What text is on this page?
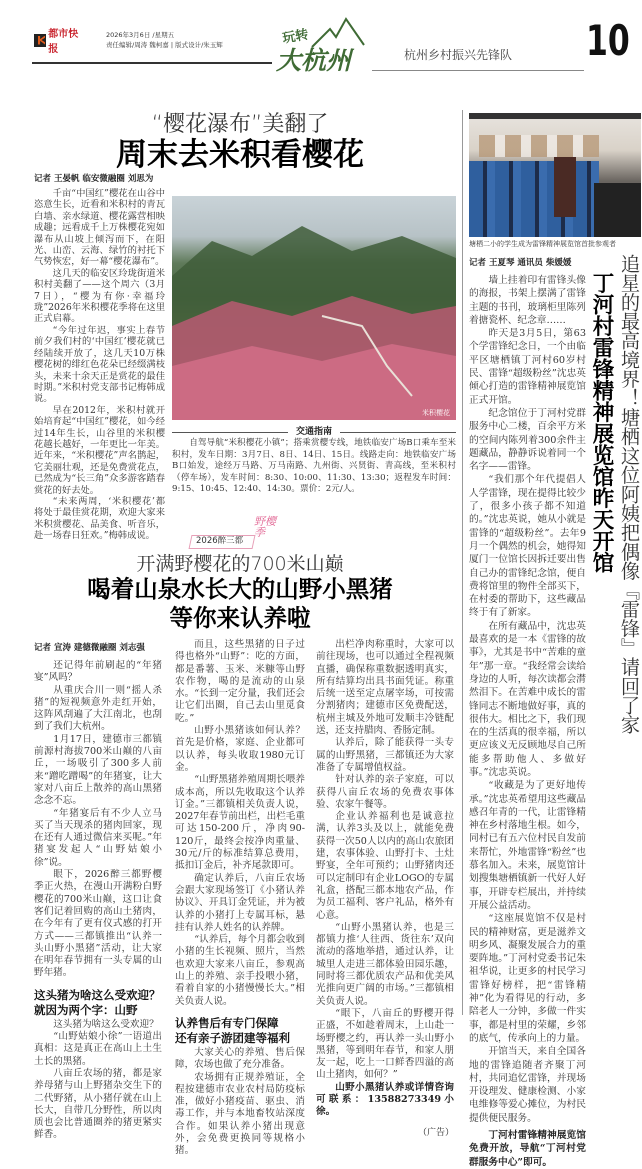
都市快报
2026年3月6日 /星期五
责任编辑/周涛 魏柯嘉 | 版式设计/朱玉辉	玩转
大杭州	杭州乡村振兴先锋队 10
“樱花瀑布”美翻了
周末去米积看樱花
记者 王晏帆 临安微融圈 刘思为

千亩“中国红”樱花在山谷中恣意生长，近看和米积村的青瓦白墙、亲水绿道、樱花露营相映成趣；远看成千上万株樱花宛如瀑布从山坡上倾泻而下，在阳光、山峦、云海、绿竹的衬托下气势恢宏，好一幕“樱花瀑布”。

这几天的临安区玲珑街道米积村美翻了——这个周六（3月7日），“樱为有你·幸福玲珑”2026年米积樱花季将在这里正式启幕。

“今年过年迟，事实上春节前夕我们村的‘中国红’樱花就已经陆续开放了，这几天10万株樱花树的绯红色花朵已经缀满枝头，未来十余天正是赏花的最佳时期。”米积村党支部书记梅韩成说。

早在2012年，米积村就开始培育起“中国红”樱花，如今经过14年生长，山谷里的米积樱花越长越好，一年更比一年美。近年来，“米积樱花”声名鹊起，它美丽壮观，还是免费赏花点，已然成为“长三角”众多游客踏春赏花的好去处。

“未来两周，‘米积樱花’都将处于最佳赏花期，欢迎大家来米积赏樱花、品美食、听音乐，赴一场春日狂欢。”梅韩成说。

米积樱花
交通指南

自驾导航“米积樱花小镇”；搭乘赏樱专线，地铁临安广场B口乘车至米积村，发车日期：3月7日、8日、14日、15日。线路走向：地铁临安广场B口始发，途经万马路、万马南路、九州街、兴贤街、青高线，至米积村（停车场），发车时间：8:30、10:00、11:30、13:30；返程发车时间：9:15、10:45、12:40、14:30。票价：2元/人。

2026醉三都
野樱季
开满野樱花的700米山巅
喝着山泉水长大的山野小黑猪
等你来认养啦
记者 宣涛 建德微融圈 刘志强

还记得年前刷起的“年猪宴”风吗？

从重庆合川一则“摇人杀猪”的短视频意外走红开始，这阵风刮遍了大江南北，也刮到了我们大杭州。

1月17日，建德市三都镇前源村海拔700米山巅的八亩丘，一场吸引了300多人前来“蹭吃蹭喝”的年猪宴，让大家对八亩丘上散养的高山黑猪念念不忘。

“年猪宴后有不少人立马买了当天现杀的猪肉回家，现在还有人通过微信来买呢。”年猪宴发起人“山野姑娘小徐”说。

眼下，2026醉三都野樱季正火热，在漫山开满粉白野樱花的700米山巅，这口让食客们记着回购的高山土猪肉，在今年有了更有仪式感的打开方式——三都镇推出“认养一头山野小黑猪”活动，让大家在明年春节拥有一头专属的山野年猪。

这头猪为啥这么受欢迎？
就因为两个字：山野

这头猪为啥这么受欢迎？

“山野姑娘小徐”一语道出真相：这是真正在高山上土生土长的黑猪。

八亩丘农场的猪，都是家养母猪与山上野猪杂交生下的二代野猪，从小猪仔就在山上长大，自带几分野性，所以肉质也会比普通圈养的猪更紧实鲜香。

而且，这些黑猪的日子过得也格外“山野”：吃的方面，都是番薯、玉米、米糠等山野农作物，喝的是流动的山泉水。“长到一定分量，我们还会让它们出圈，自己去山里觅食吃。”

山野小黑猪该如何认养？首先是价格，家庭、企业都可以认养，每头收取1980元订金。

“山野黑猪养殖周期长喂养成本高，所以先收取这个认养订金。”三都镇相关负责人说，2027年春节前出栏，出栏毛重可达150-200斤，净肉90-120斤，最终会按净肉重量、30元/斤的标准结算总费用，抵扣订金后，补齐尾款即可。

确定认养后，八亩丘农场会跟大家现场签订《小猪认养协议》、开具订金凭证，并为被认养的小猪打上专属耳标，悬挂有认养人姓名的认养牌。

“认养后，每个月都会收到小猪的生长视频、照片，当然也欢迎大家来八亩丘，参观高山上的养殖、亲手投喂小猪，看着自家的小猪慢慢长大。”相关负责人说。

认养售后有专门保障
还有亲子游团建等福利

大家关心的养殖、售后保障，农场也做了充分准备。

农场拥有正规养殖证，全程按建德市农业农村局防疫标准，做好小猪疫苗、驱虫、消毒工作，并与本地畜牧站深度合作。如果认养小猪出现意外，会免费更换同等规格小猪。

出栏净肉称重时，大家可以前往现场，也可以通过全程视频直播，确保称重数据透明真实，所有结算均出具书面凭证。称重后统一送至定点屠宰场，可按需分割猪肉；建德市区免费配送，杭州主城及外地可发顺丰冷链配送，还支持腊肉、香肠定制。

认养后，除了能获得一头专属的山野黑猪，三都镇还为大家准备了专属增值权益。

针对认养的亲子家庭，可以获得八亩丘农场的免费农事体验、农家午餐等。

企业认养福利也是诚意拉满，认养3头及以上，就能免费获得一次50人以内的高山农旅团建，农事体验、山野打卡、土灶野宴，全年可预约；山野猪肉还可以定制印有企业LOGO的专属礼盒，搭配三都本地农产品，作为员工福利、客户礼品，格外有心意。

“山野小黑猪认养，也是三都镇力推‘人往西、货往东’双向流动的落地举措，通过认养，让城里人走进三都体验田园乐趣，同时将三都优质农产品和优美风光推向更广阔的市场。”三都镇相关负责人说。

“眼下，八亩丘的野樱开得正盛，不如趁着周末，上山赴一场野樱之约，再认养一头山野小黑猪，等到明年春节，和家人朋友一起，吃上一口鲜香四溢的高山土猪肉，如何？”

山野小黑猪认养或详情咨询可联系：13588273349小徐。

（广告）
塘栖二小的学生成为雷锋精神展览馆首批参观者
记者 王夏琴 通讯员 柴媛媛
丁河村雷锋精神展览馆昨天开馆 追星的最高境界！塘栖这位阿姨把偶像『雷锋』请回了家

墙上挂着印有雷锋头像的海报，书架上摆满了雷锋主题的书刊，玻璃柜里陈列着搪瓷杯、纪念章……

昨天是3月5日，第63个学雷锋纪念日，一个由临平区塘栖镇丁河村60岁村民、雷锋“超级粉丝”沈忠英倾心打造的雷锋精神展览馆正式开馆。

纪念馆位于丁河村党群服务中心二楼，百余平方米的空间内陈列着300余件主题藏品，静静诉说着同一个名字——雷锋。

“我们那个年代提倡人人学雷锋，现在提得比较少了，很多小孩子都不知道的。”沈忠英说，她从小就是雷锋的“超级粉丝”。去年9月一个偶然的机会，她得知厦门一位馆长因拆迁要出售自己办的雷锋纪念馆，便自费将馆里的物件全部买下，在村委的帮助下，这些藏品终于有了新家。

在所有藏品中，沈忠英最喜欢的是一本《雷锋的故事》，尤其是书中“苦难的童年”那一章。“我经常会读给身边的人听，每次读都会潸然泪下。在苦难中成长的雷锋同志不断地做好事，真的很伟大。相比之下，我们现在的生活真的很幸福，所以更应该义无反顾地尽自己所能多帮助他人、多做好事。”沈忠英说。

“收藏是为了更好地传承。”沈忠英希望用这些藏品感召年青的一代，让雷锋精神在乡村落地生根。如今，同村已有五六位村民自发前来帮忙，外地雷锋“粉丝”也慕名加入。未来，展览馆计划搜集塘栖镇新一代好人好事，开辟专栏展出，并持续开展公益活动。

“这座展览馆不仅是村民的精神财富，更是滋养文明乡风、凝聚发展合力的重要阵地。”丁河村党委书记朱祖华说，让更多的村民学习雷锋好榜样，把“雷锋精神”化为看得见的行动，多陪老人一分钟，多做一件实事，都是村里的荣耀，乡邻的底气，传承向上的力量。

开馆当天，来自全国各地的雷锋追随者齐聚丁河村，共同追忆雷锋，并现场开设理发、健康检测、小家电维修等爱心摊位，为村民提供便民服务。

丁河村雷锋精神展览馆免费开放，导航“丁河村党群服务中心”即可。
